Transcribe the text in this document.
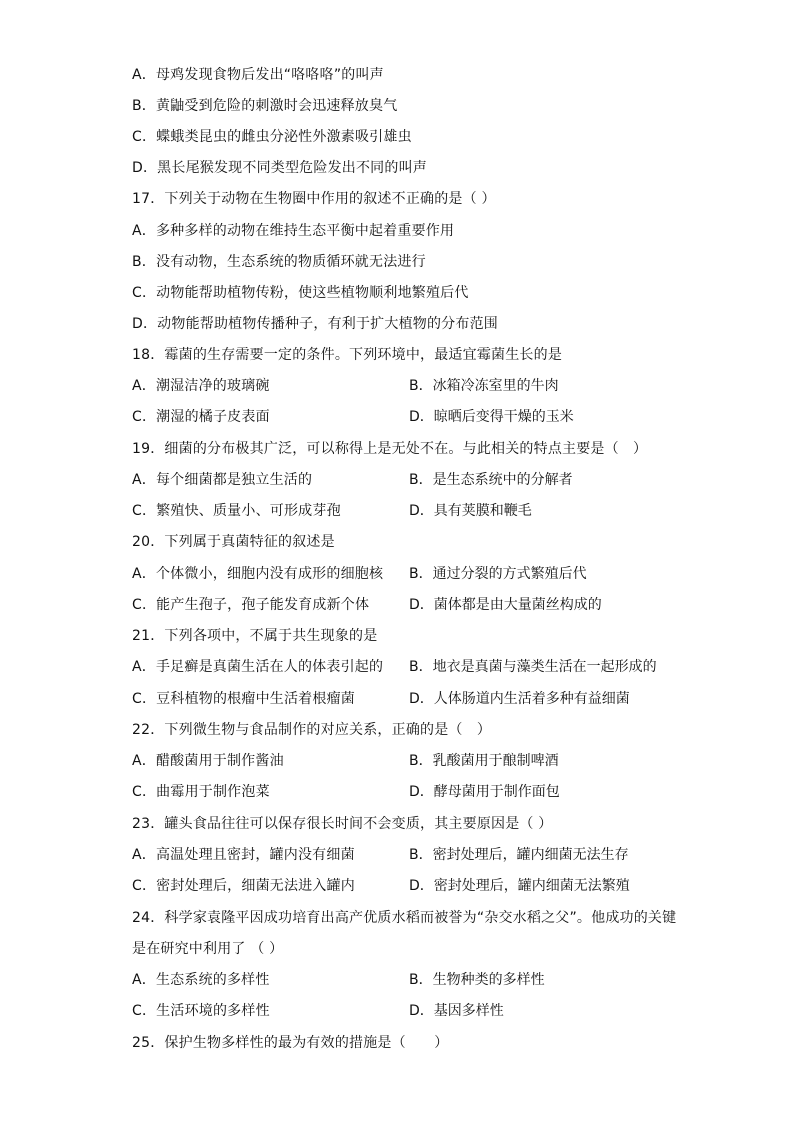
A．母鸡发现食物后发出“咯咯咯”的叫声
B．黄鼬受到危险的刺激时会迅速释放臭气
C．蝶蛾类昆虫的雌虫分泌性外激素吸引雄虫
D．黑长尾猴发现不同类型危险发出不同的叫声
17．下列关于动物在生物圈中作用的叙述不正确的是（ ）
A．多种多样的动物在维持生态平衡中起着重要作用
B．没有动物，生态系统的物质循环就无法进行
C．动物能帮助植物传粉，使这些植物顺利地繁殖后代
D．动物能帮助植物传播种子，有利于扩大植物的分布范围
18．霉菌的生存需要一定的条件。下列环境中，最适宜霉菌生长的是
A．潮湿洁净的玻璃碗	B．冰箱冷冻室里的牛肉
C．潮湿的橘子皮表面	D．晾晒后变得干燥的玉米
19．细菌的分布极其广泛，可以称得上是无处不在。与此相关的特点主要是（　）
A．每个细菌都是独立生活的	B．是生态系统中的分解者
C．繁殖快、质量小、可形成芽孢	D．具有荚膜和鞭毛
20．下列属于真菌特征的叙述是
A．个体微小，细胞内没有成形的细胞核 B．通过分裂的方式繁殖后代
C．能产生孢子，孢子能发育成新个体	D．菌体都是由大量菌丝构成的
21．下列各项中，不属于共生现象的是
A．手足癣是真菌生活在人的体表引起的 B．地衣是真菌与藻类生活在一起形成的
C．豆科植物的根瘤中生活着根瘤菌	D．人体肠道内生活着多种有益细菌
22．下列微生物与食品制作的对应关系，正确的是（　）
A．醋酸菌用于制作酱油	B．乳酸菌用于酿制啤酒
C．曲霉用于制作泡菜	D．酵母菌用于制作面包
23．罐头食品往往可以保存很长时间不会变质，其主要原因是（ ）
A．高温处理且密封，罐内没有细菌	B．密封处理后，罐内细菌无法生存
C．密封处理后，细菌无法进入罐内	D．密封处理后，罐内细菌无法繁殖
24．科学家袁隆平因成功培育出高产优质水稻而被誉为“杂交水稻之父”。他成功的关键
是在研究中利用了 （ ）
A．生态系统的多样性	B．生物种类的多样性
C．生活环境的多样性	D．基因多样性
25．保护生物多样性的最为有效的措施是（　　）
